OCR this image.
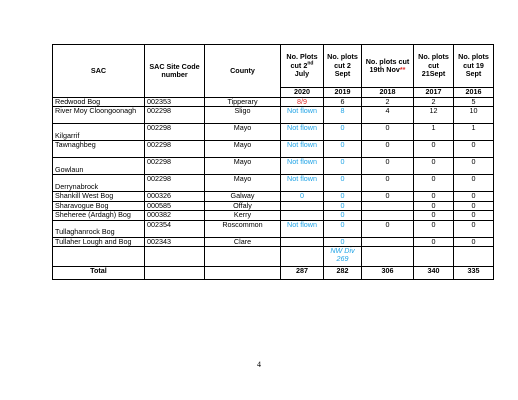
SAC	SAC Site Code number	County	No. Plots cut 2nd July	No. plots cut 2 Sept	No. plots cut 19th Nov**	No. plots cut 21Sept	No. plots cut 19 Sept
			2020	2019	2018	2017	2016
Redwood Bog	002353	Tipperary	8/9	6	2	2	5
River Moy Cloongoonagh	002298	Sligo	Not flown	8	4	12	10
Kilgarrif	002298	Mayo	Not flown	0	0	1	1
Tawnaghbeg	002298	Mayo	Not flown	0	0	0	0
Gowlaun	002298	Mayo	Not flown	0	0	0	0
Derrynabrock	002298	Mayo	Not flown	0	0	0	0
Shankill West Bog	000326	Galway	0	0	0	0	0
Sharavogue Bog	000585	Offaly		0		0	0
Sheheree (Ardagh) Bog	000382	Kerry		0		0	0
Tullaghanrock Bog	002354	Roscommon	Not flown	0	0	0	0
Tullaher Lough and Bog	002343	Clare		0		0	0
				NW Div 269			
Total			287	282	306	340	335
4
